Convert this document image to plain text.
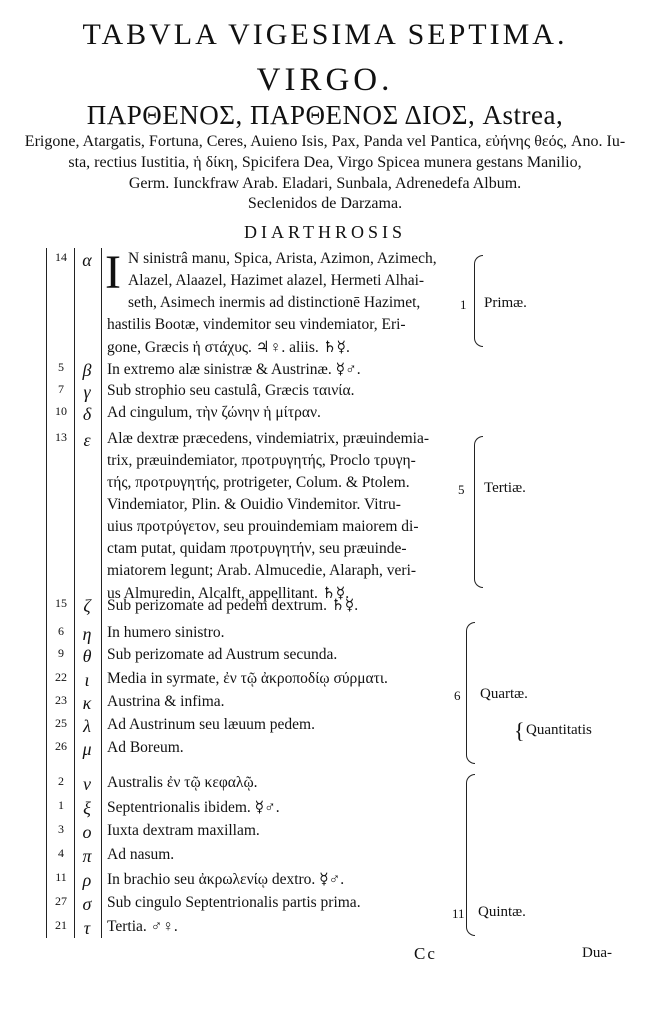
TABVLA VIGESIMA SEPTIMA.
VIRGO.
ΠΑΡΘΕΝΟΣ, ΠΑΡΘΕΝΟΣ ΔΙΟΣ, Astrea,
Erigone, Atargatis, Fortuna, Ceres, Auieno Isis, Pax, Panda vel Pantica, εὐήνης θεός, Ano. Iu-
sta, rectius Iustitia, ἡ δίκη, Spicifera Dea, Virgo Spicea munera gestans Manilio,
Germ. Iunckfraw Arab. Eladari, Sunbala, Adrenedefa Album.
Seclenidos de Darzama.
DIARTHROSIS
14 α I N sinistrâ manu, Spica, Arista, Azimon, Azimech,
Alazel, Alaazel, Hazimet alazel, Hermeti Alhai-
seth, Asimech inermis ad distinctionē Hazimet,
hastilis Bootæ, vindemitor seu vindemiator, Eri-
gone, Græcis ἡ στάχυς. ♃♀. aliis. ♄☿.
5	β	In extremo alæ sinistræ & Austrinæ. ☿♂.
7	γ	Sub strophio seu castulâ, Græcis ταινία.
10 δ	Ad cingulum, τὴν ζώνην ἡ μίτραν.
13 ε	Alæ dextræ præcedens, vindemiatrix, præuindemia-
trix, præuindemiator, προτρυγητής, Proclo τρυγη-
τής, προτρυγητής, protrigeter, Colum. & Ptolem.
Vindemiator, Plin. & Ouidio Vindemitor. Vitru-
uius προτρύγετον, seu prouindemiam maiorem di-
ctam putat, quidam προτρυγητήν, seu præuinde-
miatorem legunt; Arab. Almucedie, Alaraph, veri-
us Almuredin, Alcalft, appellitant. ♄☿.
15 ζ	Sub perizomate ad pedem dextrum. ♄☿.
6	η	In humero sinistro.
9	θ	Sub perizomate ad Austrum secunda.
22 ι	Media in syrmate, ἐν τῷ ἀκροποδίῳ σύρματι.
23 κ	Austrina & infima.
25 λ	Ad Austrinum seu læuum pedem.
26 μ Ad Boreum.
2	ν	Australis ἐν τῷ κεφαλῷ.
1	ξ	Septentrionalis ibidem. ☿♂.
3	ο	Iuxta dextram maxillam.
4	π Ad nasum.
11 ρ	In brachio seu ἀκρωλενίῳ dextro. ☿♂.
27 σ	Sub cingulo Septentrionalis partis prima.
21 τ	Tertia. ♂♀.
1 Primæ.
5 Tertiæ.
6 Quartæ.
11 Quintæ.
{ Quantitatis
Cc	Dua-
